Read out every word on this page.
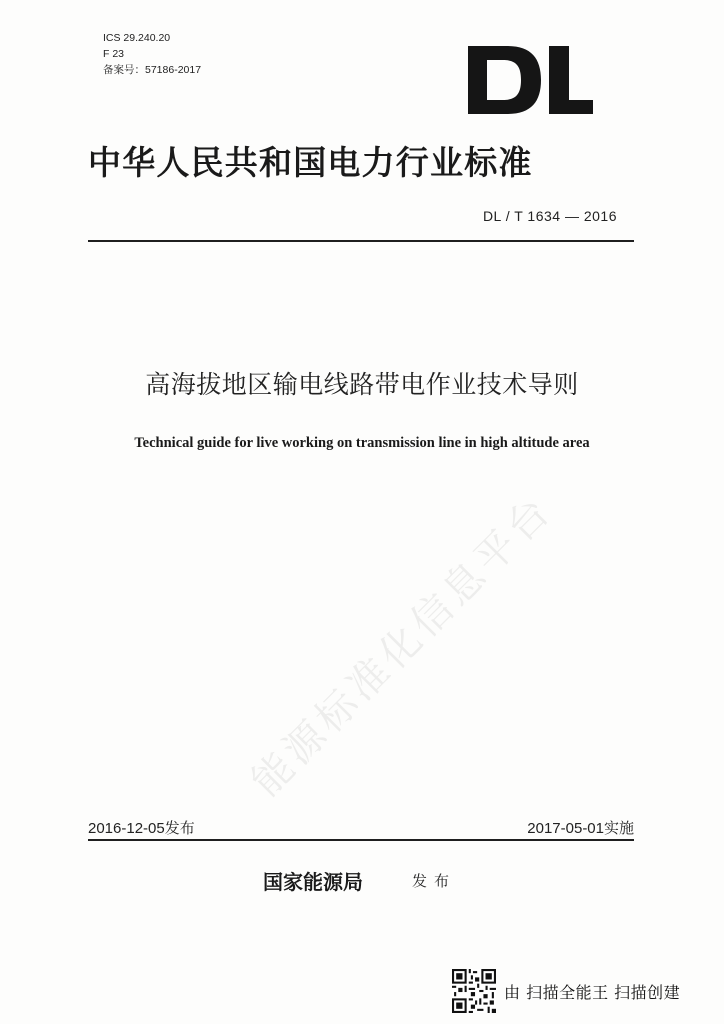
ICS 29.240.20
F 23
备案号：57186-2017
中华人民共和国电力行业标准
DL / T 1634 — 2016
高海拔地区输电线路带电作业技术导则
Technical guide for live working on transmission line in high altitude area
能源标准化信息平台
2016-12-05发布	2017-05-01实施
国家能源局	发布
由 扫描全能王 扫描创建
